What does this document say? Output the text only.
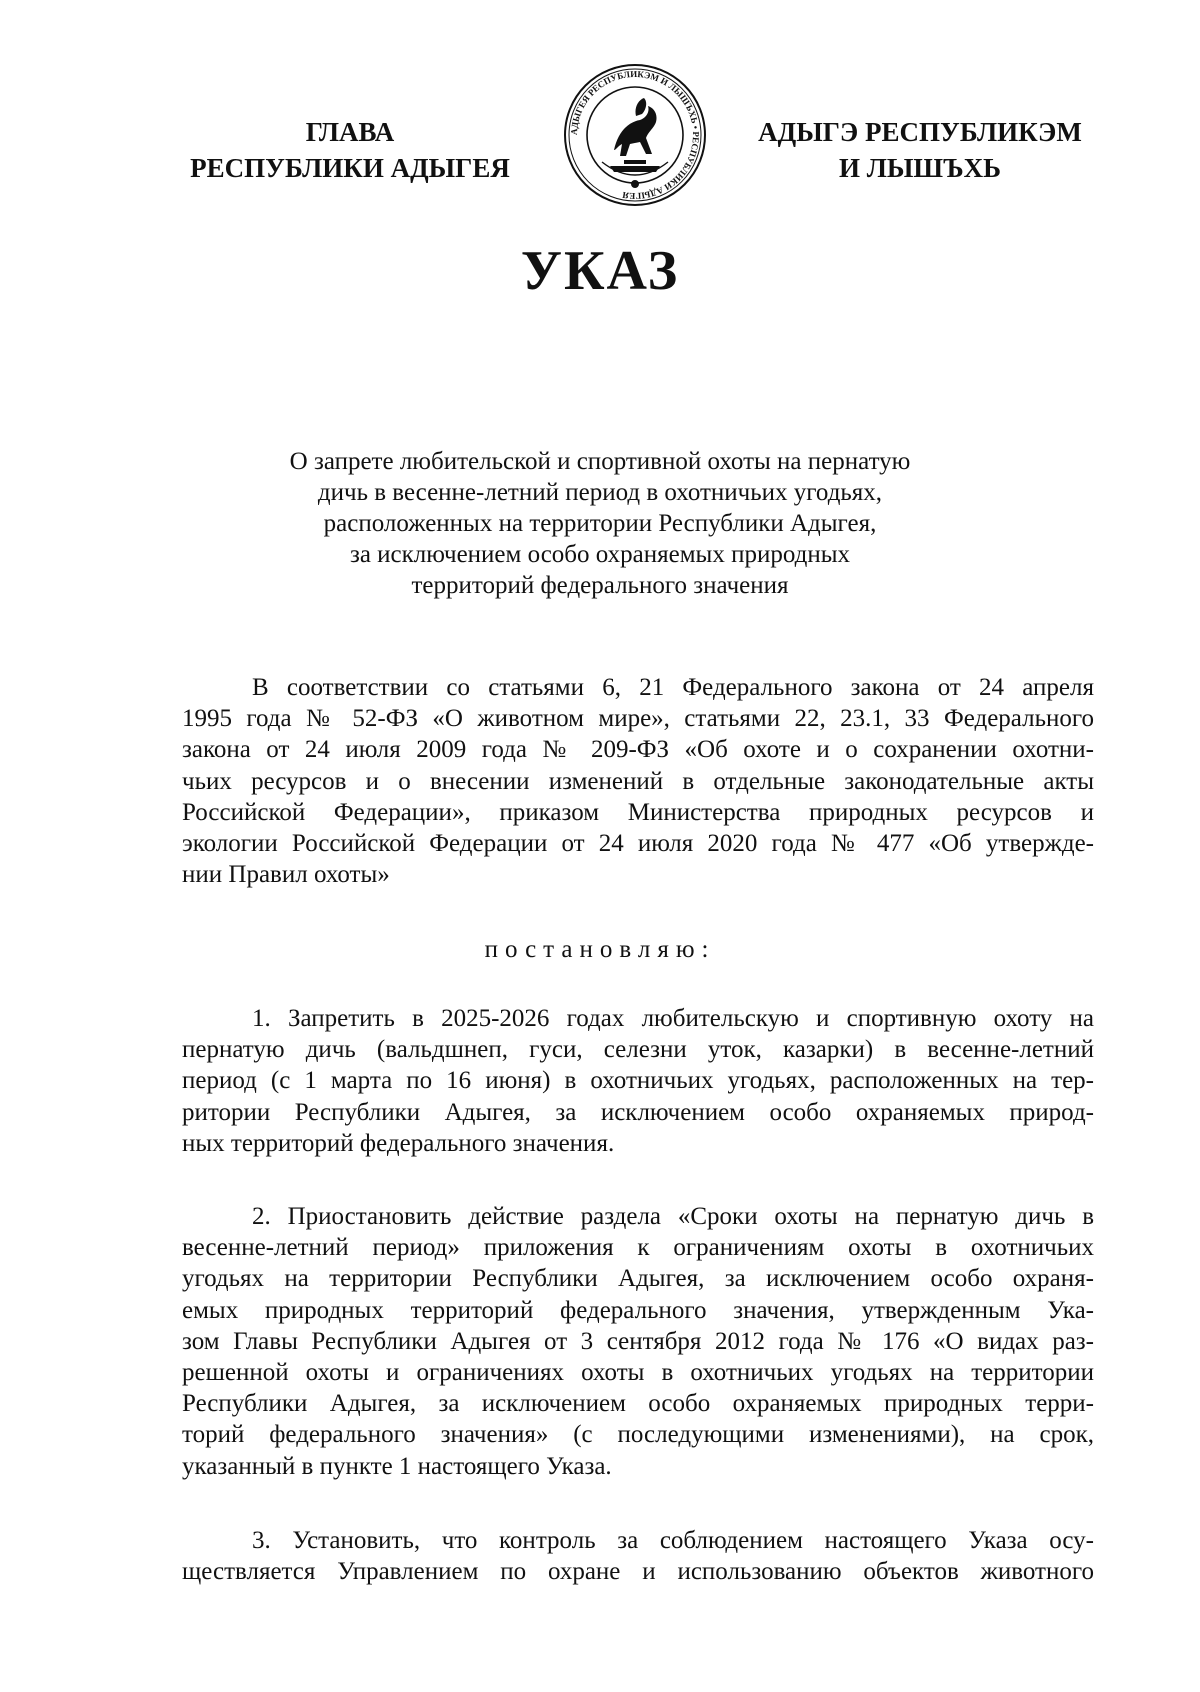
ГЛАВА
РЕСПУБЛИКИ АДЫГЕЯ
АДЫГЕЯ РЕСПУБЛИКЭМ И ЛЫШЪХЬ • РЕСПУБЛИКИ АДЫГЕЯ
АДЫГЭ РЕСПУБЛИКЭМ
И ЛЫШЪХЬ
УКАЗ
О запрете любительской и спортивной охоты на пернатую
дичь в весенне-летний период в охотничьих угодьях,
расположенных на территории Республики Адыгея,
за исключением особо охраняемых природных
территорий федерального значения
В соответствии со статьями 6, 21 Федерального закона от 24 апреля
1995 года № 52-ФЗ «О животном мире», статьями 22, 23.1, 33 Федерального
закона от 24 июля 2009 года № 209-ФЗ «Об охоте и о сохранении охотни-
чьих ресурсов и о внесении изменений в отдельные законодательные акты
Российской Федерации», приказом Министерства природных ресурсов и
экологии Российской Федерации от 24 июля 2020 года № 477 «Об утвержде-
нии Правил охоты»
постановляю:
1. Запретить в 2025-2026 годах любительскую и спортивную охоту на
пернатую дичь (вальдшнеп, гуси, селезни уток, казарки) в весенне-летний
период (с 1 марта по 16 июня) в охотничьих угодьях, расположенных на тер-
ритории Республики Адыгея, за исключением особо охраняемых природ-
ных территорий федерального значения.
2. Приостановить действие раздела «Сроки охоты на пернатую дичь в
весенне-летний период» приложения к ограничениям охоты в охотничьих
угодьях на территории Республики Адыгея, за исключением особо охраня-
емых природных территорий федерального значения, утвержденным Ука-
зом Главы Республики Адыгея от 3 сентября 2012 года № 176 «О видах раз-
решенной охоты и ограничениях охоты в охотничьих угодьях на территории
Республики Адыгея, за исключением особо охраняемых природных терри-
торий федерального значения» (с последующими изменениями), на срок,
указанный в пункте 1 настоящего Указа.
3. Установить, что контроль за соблюдением настоящего Указа осу-
ществляется Управлением по охране и использованию объектов животного
